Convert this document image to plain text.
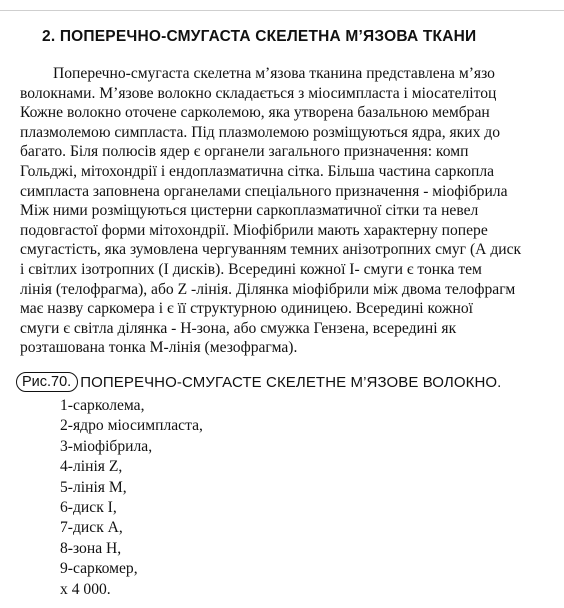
2. ПОПЕРЕЧНО-СМУГАСТА СКЕЛЕТНА М’ЯЗОВА ТКАНИ
Поперечно-смугаста скелетна м’язова тканина представлена м’язо
волокнами. М’язове волокно складається з міосимпласта і міосателітоц
Кожне волокно оточене сарколемою, яка утворена базальною мембран
плазмолемою симпласта. Під плазмолемою розміщуються ядра, яких до
багато. Біля полюсів ядер є органели загального призначення: комп
Гольджі, мітохондрії і ендоплазматична сітка. Більша частина саркопла
симпласта заповнена органелами спеціального призначення - міофібрила
Між ними розміщуються цистерни саркоплазматичної сітки та невел
подовгастої форми мітохондрії. Міофібрили мають характерну попере
смугастість, яка зумовлена чергуванням темних анізотропних смуг (А диск
і світлих ізотропних (І дисків). Всередині кожної І- смуги є тонка тем
лінія (телофрагма), або Z -лінія. Ділянка міофібрили між двома телофрагм
має назву саркомера і є її структурною одиницею. Всередині кожної
смуги є світла ділянка - Н-зона, або смужка Гензена, всередині як
розташована тонка М-лінія (мезофрагма).
Рис.70. ПОПЕРЕЧНО-СМУГАСТЕ СКЕЛЕТНЕ М’ЯЗОВЕ ВОЛОКНО.
1-сарколема,
2-ядро міосимпласта,
3-міофібрила,
4-лінія Z,
5-лінія М,
6-диск І,
7-диск А,
8-зона Н,
9-саркомер,
х 4 000.
